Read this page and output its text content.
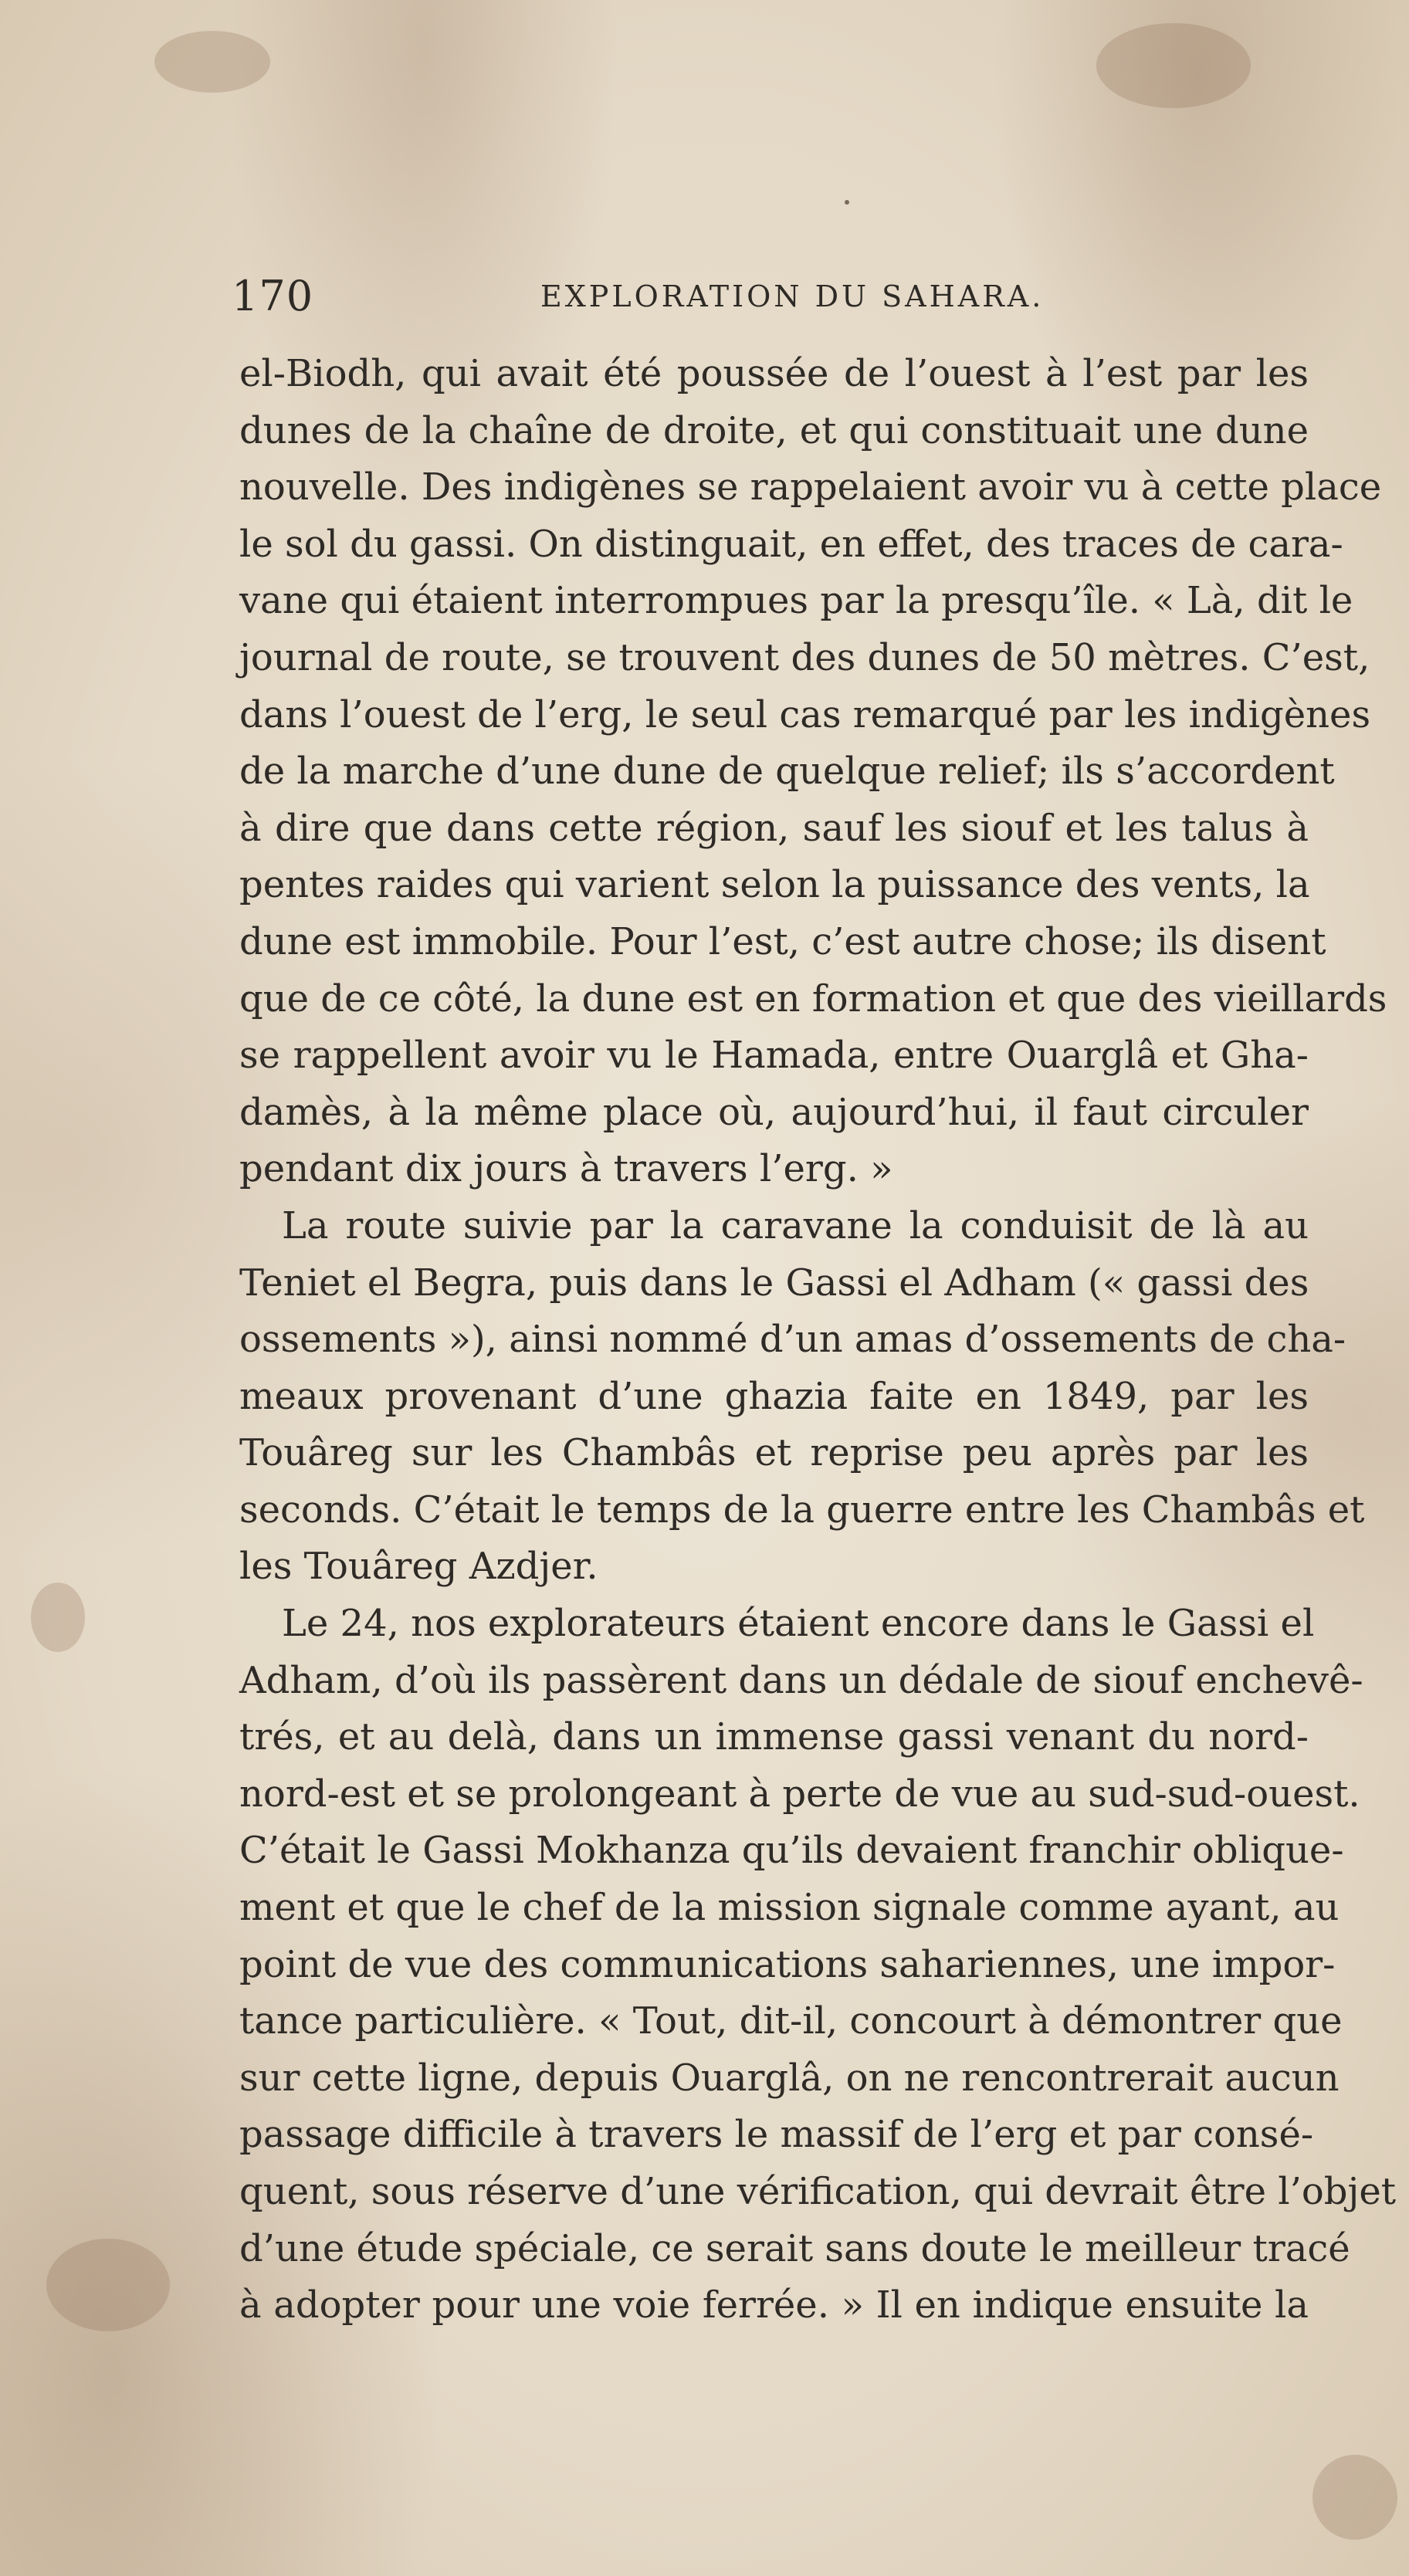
170	EXPLORATION DU SAHARA.
el-Biodh, qui avait été poussée de l’ouest à l’est par les
dunes de la chaîne de droite, et qui constituait une dune
nouvelle. Des indigènes se rappelaient avoir vu à cette place
le sol du gassi. On distinguait, en effet, des traces de cara-
vane qui étaient interrompues par la presqu’île. « Là, dit le
journal de route, se trouvent des dunes de 50 mètres. C’est,
dans l’ouest de l’erg, le seul cas remarqué par les indigènes
de la marche d’une dune de quelque relief; ils s’accordent
à dire que dans cette région, sauf les siouf et les talus à
pentes raides qui varient selon la puissance des vents, la
dune est immobile. Pour l’est, c’est autre chose; ils disent
que de ce côté, la dune est en formation et que des vieillards
se rappellent avoir vu le Hamada, entre Ouarglâ et Gha-
damès, à la même place où, aujourd’hui, il faut circuler
pendant dix jours à travers l’erg. »
La route suivie par la caravane la conduisit de là au
Teniet el Begra, puis dans le Gassi el Adham (« gassi des
ossements »), ainsi nommé d’un amas d’ossements de cha-
meaux provenant d’une ghazia faite en 1849, par les
Touâreg sur les Chambâs et reprise peu après par les
seconds. C’était le temps de la guerre entre les Chambâs et
les Touâreg Azdjer.
Le 24, nos explorateurs étaient encore dans le Gassi el
Adham, d’où ils passèrent dans un dédale de siouf enchevê-
trés, et au delà, dans un immense gassi venant du nord-
nord-est et se prolongeant à perte de vue au sud-sud-ouest.
C’était le Gassi Mokhanza qu’ils devaient franchir oblique-
ment et que le chef de la mission signale comme ayant, au
point de vue des communications sahariennes, une impor-
tance particulière. « Tout, dit-il, concourt à démontrer que
sur cette ligne, depuis Ouarglâ, on ne rencontrerait aucun
passage difficile à travers le massif de l’erg et par consé-
quent, sous réserve d’une vérification, qui devrait être l’objet
d’une étude spéciale, ce serait sans doute le meilleur tracé
à adopter pour une voie ferrée. » Il en indique ensuite la
